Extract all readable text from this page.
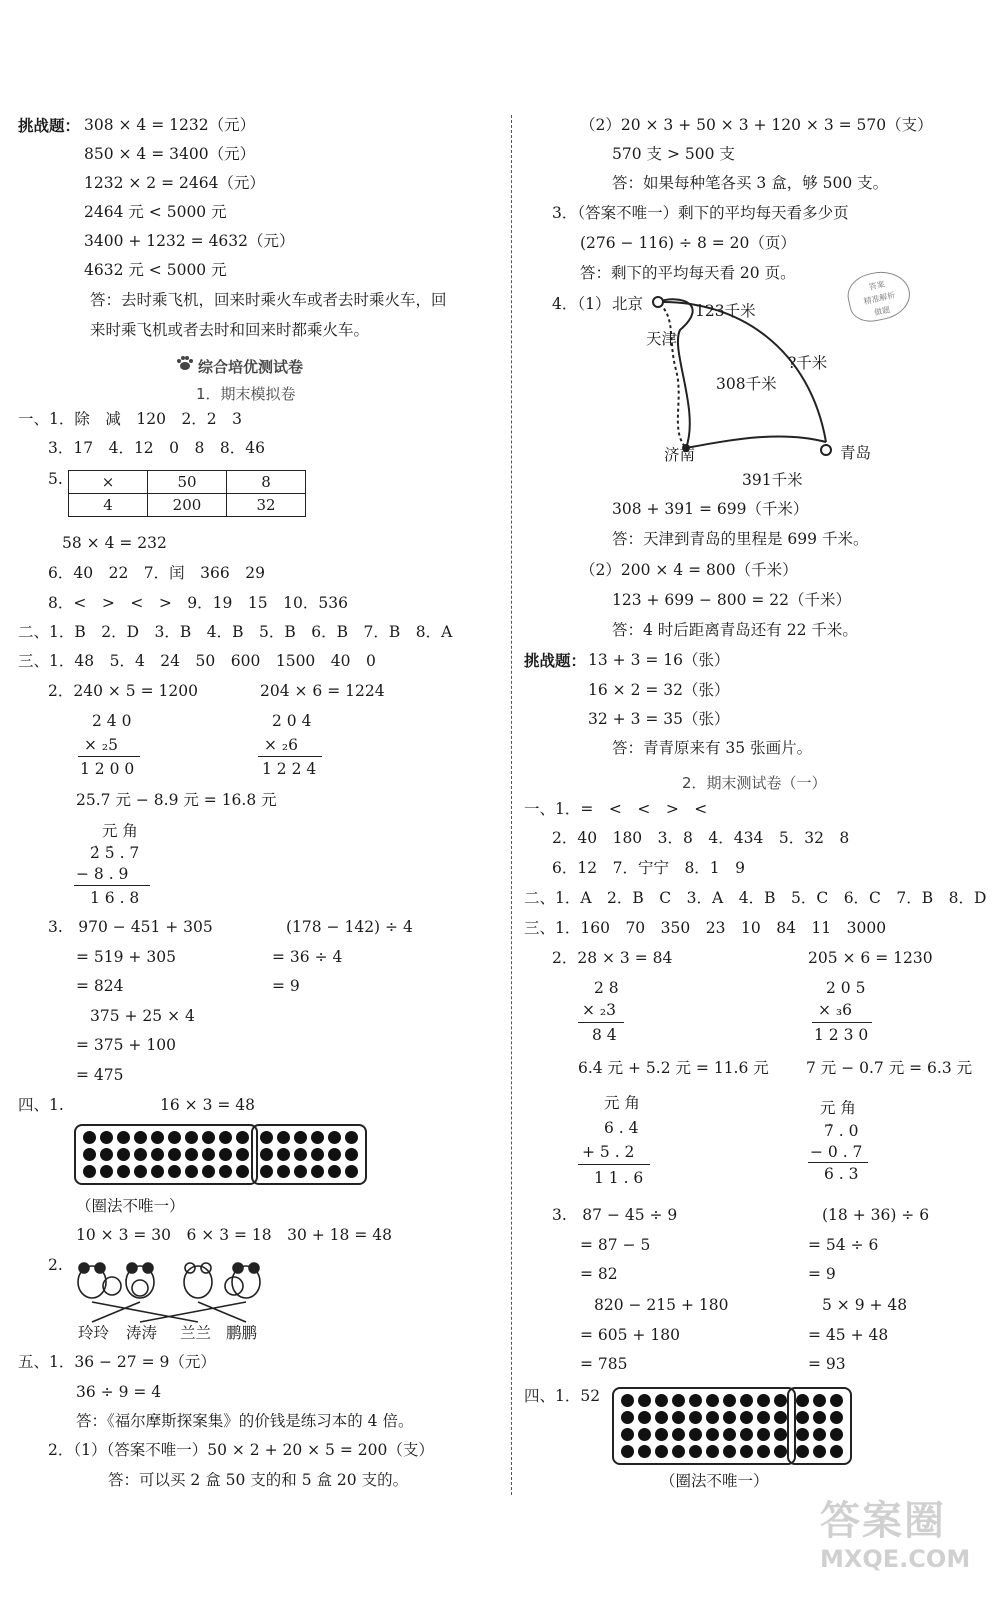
挑战题： 308 × 4 = 1232（元）
850 × 4 = 3400（元）
1232 × 2 = 2464（元）
2464 元 < 5000 元
3400 + 1232 = 4632（元）
4632 元 < 5000 元
答：去时乘飞机，回来时乘火车或者去时乘火车，回
来时乘飞机或者去时和回来时都乘火车。
综合培优测试卷
1．期末模拟卷
一、1．除　减　120　2．2　3
3．17　4．12　0　8　8．46
5.	×	50	8
4	200	32
58 × 4 = 232
6．40　22　7．闰　366　29
8．<　>　<　>　9．19　15　10．536
二、1．B　2．D　3．B　4．B　5．B　6．B　7．B　8．A
三、1．48　5．4　24　50　600　1500　40　0
2．240 × 5 = 1200	204 × 6 = 1224
2 4 0
× ₂5
1 2 0 0
2 0 4
× ₂6
1 2 2 4
25.7 元 − 8.9 元 = 16.8 元
元 角
2̇ 5̇ . 7
− 8 . 9
1 6 . 8
3.　970 − 451 + 305
= 519 + 305
= 824
375 + 25 × 4
= 375 + 100
= 475
(178 − 142) ÷ 4
= 36 ÷ 4
= 9
四、1.	16 × 3 = 48
（圈法不唯一）
10 × 3 = 30　6 × 3 = 18　30 + 18 = 48
2.
玲玲 涛涛 兰兰 鹏鹏
五、1．36 − 27 = 9（元）
36 ÷ 9 = 4
答：《福尔摩斯探案集》的价钱是练习本的 4 倍。
2．（1）（答案不唯一）50 × 2 + 20 × 5 = 200（支）
答：可以买 2 盒 50 支的和 5 盒 20 支的。
（2）20 × 3 + 50 × 3 + 120 × 3 = 570（支）
570 支 > 500 支
答：如果每种笔各买 3 盒，够 500 支。
3．（答案不唯一）剩下的平均每天看多少页
(276 − 116) ÷ 8 = 20（页）
答：剩下的平均每天看 20 页。
4．（1） 北京
天津
济南	青岛
123千米
?千米
308千米
391千米
答案
精准解析
做题
308 + 391 = 699（千米）
答：天津到青岛的里程是 699 千米。
（2）200 × 4 = 800（千米）
123 + 699 − 800 = 22（千米）
答：4 时后距离青岛还有 22 千米。
挑战题： 13 + 3 = 16（张）
16 × 2 = 32（张）
32 + 3 = 35（张）
答：青青原来有 35 张画片。
2．期末测试卷（一）
一、1．=　<　<　>　<
2．40　180　3．8　4．434　5．32　8
6．12　7．宁宁　8．1　9
二、1．A　2．B　C　3．A　4．B　5．C　6．C　7．B　8．D
三、1．160　70　350　23　10　84　11　3000
2．28 × 3 = 84	205 × 6 = 1230
2 8
× ₂3
8 4
2 0 5
× ₃6
1 2 3 0
6.4 元 + 5.2 元 = 11.6 元 7 元 − 0.7 元 = 6.3 元
元 角
6 . 4
+ 5 . 2
1 1 . 6
元 角
7̇ . 0
− 0 . 7
6 . 3
3.　87 − 45 ÷ 9
= 87 − 5
= 82
820 − 215 + 180
= 605 + 180
= 785
(18 + 36) ÷ 6
= 54 ÷ 6
= 9
5 × 9 + 48
= 45 + 48
= 93
四、1．52
（圈法不唯一）
答案圈
MXQE.COM
